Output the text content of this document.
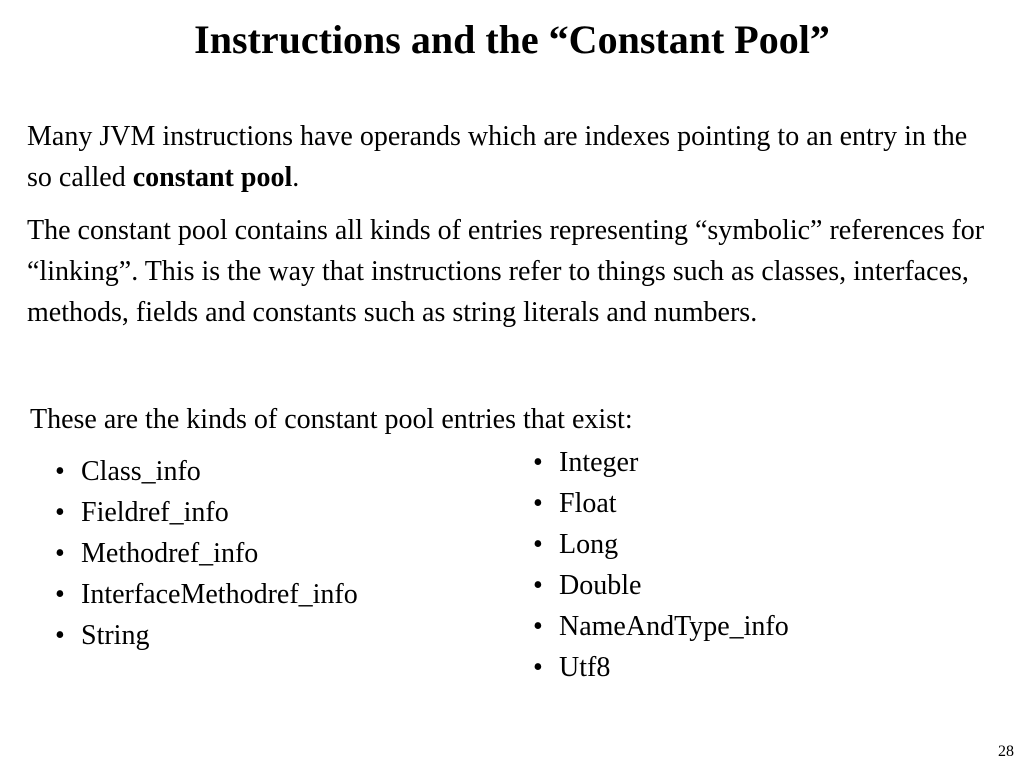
Instructions and the “Constant Pool”

Many JVM instructions have operands which are indexes pointing to an entry in the so called constant pool.

The constant pool contains all kinds of entries representing “symbolic” references for “linking”. This is the way that instructions refer to things such as classes, interfaces, methods, fields and constants such as string literals and numbers.

These are the kinds of constant pool entries that exist:

• Class_info
• Fieldref_info
• Methodref_info
• InterfaceMethodref_info
• String
• Integer
• Float
• Long
• Double
• NameAndType_info
• Utf8
28
